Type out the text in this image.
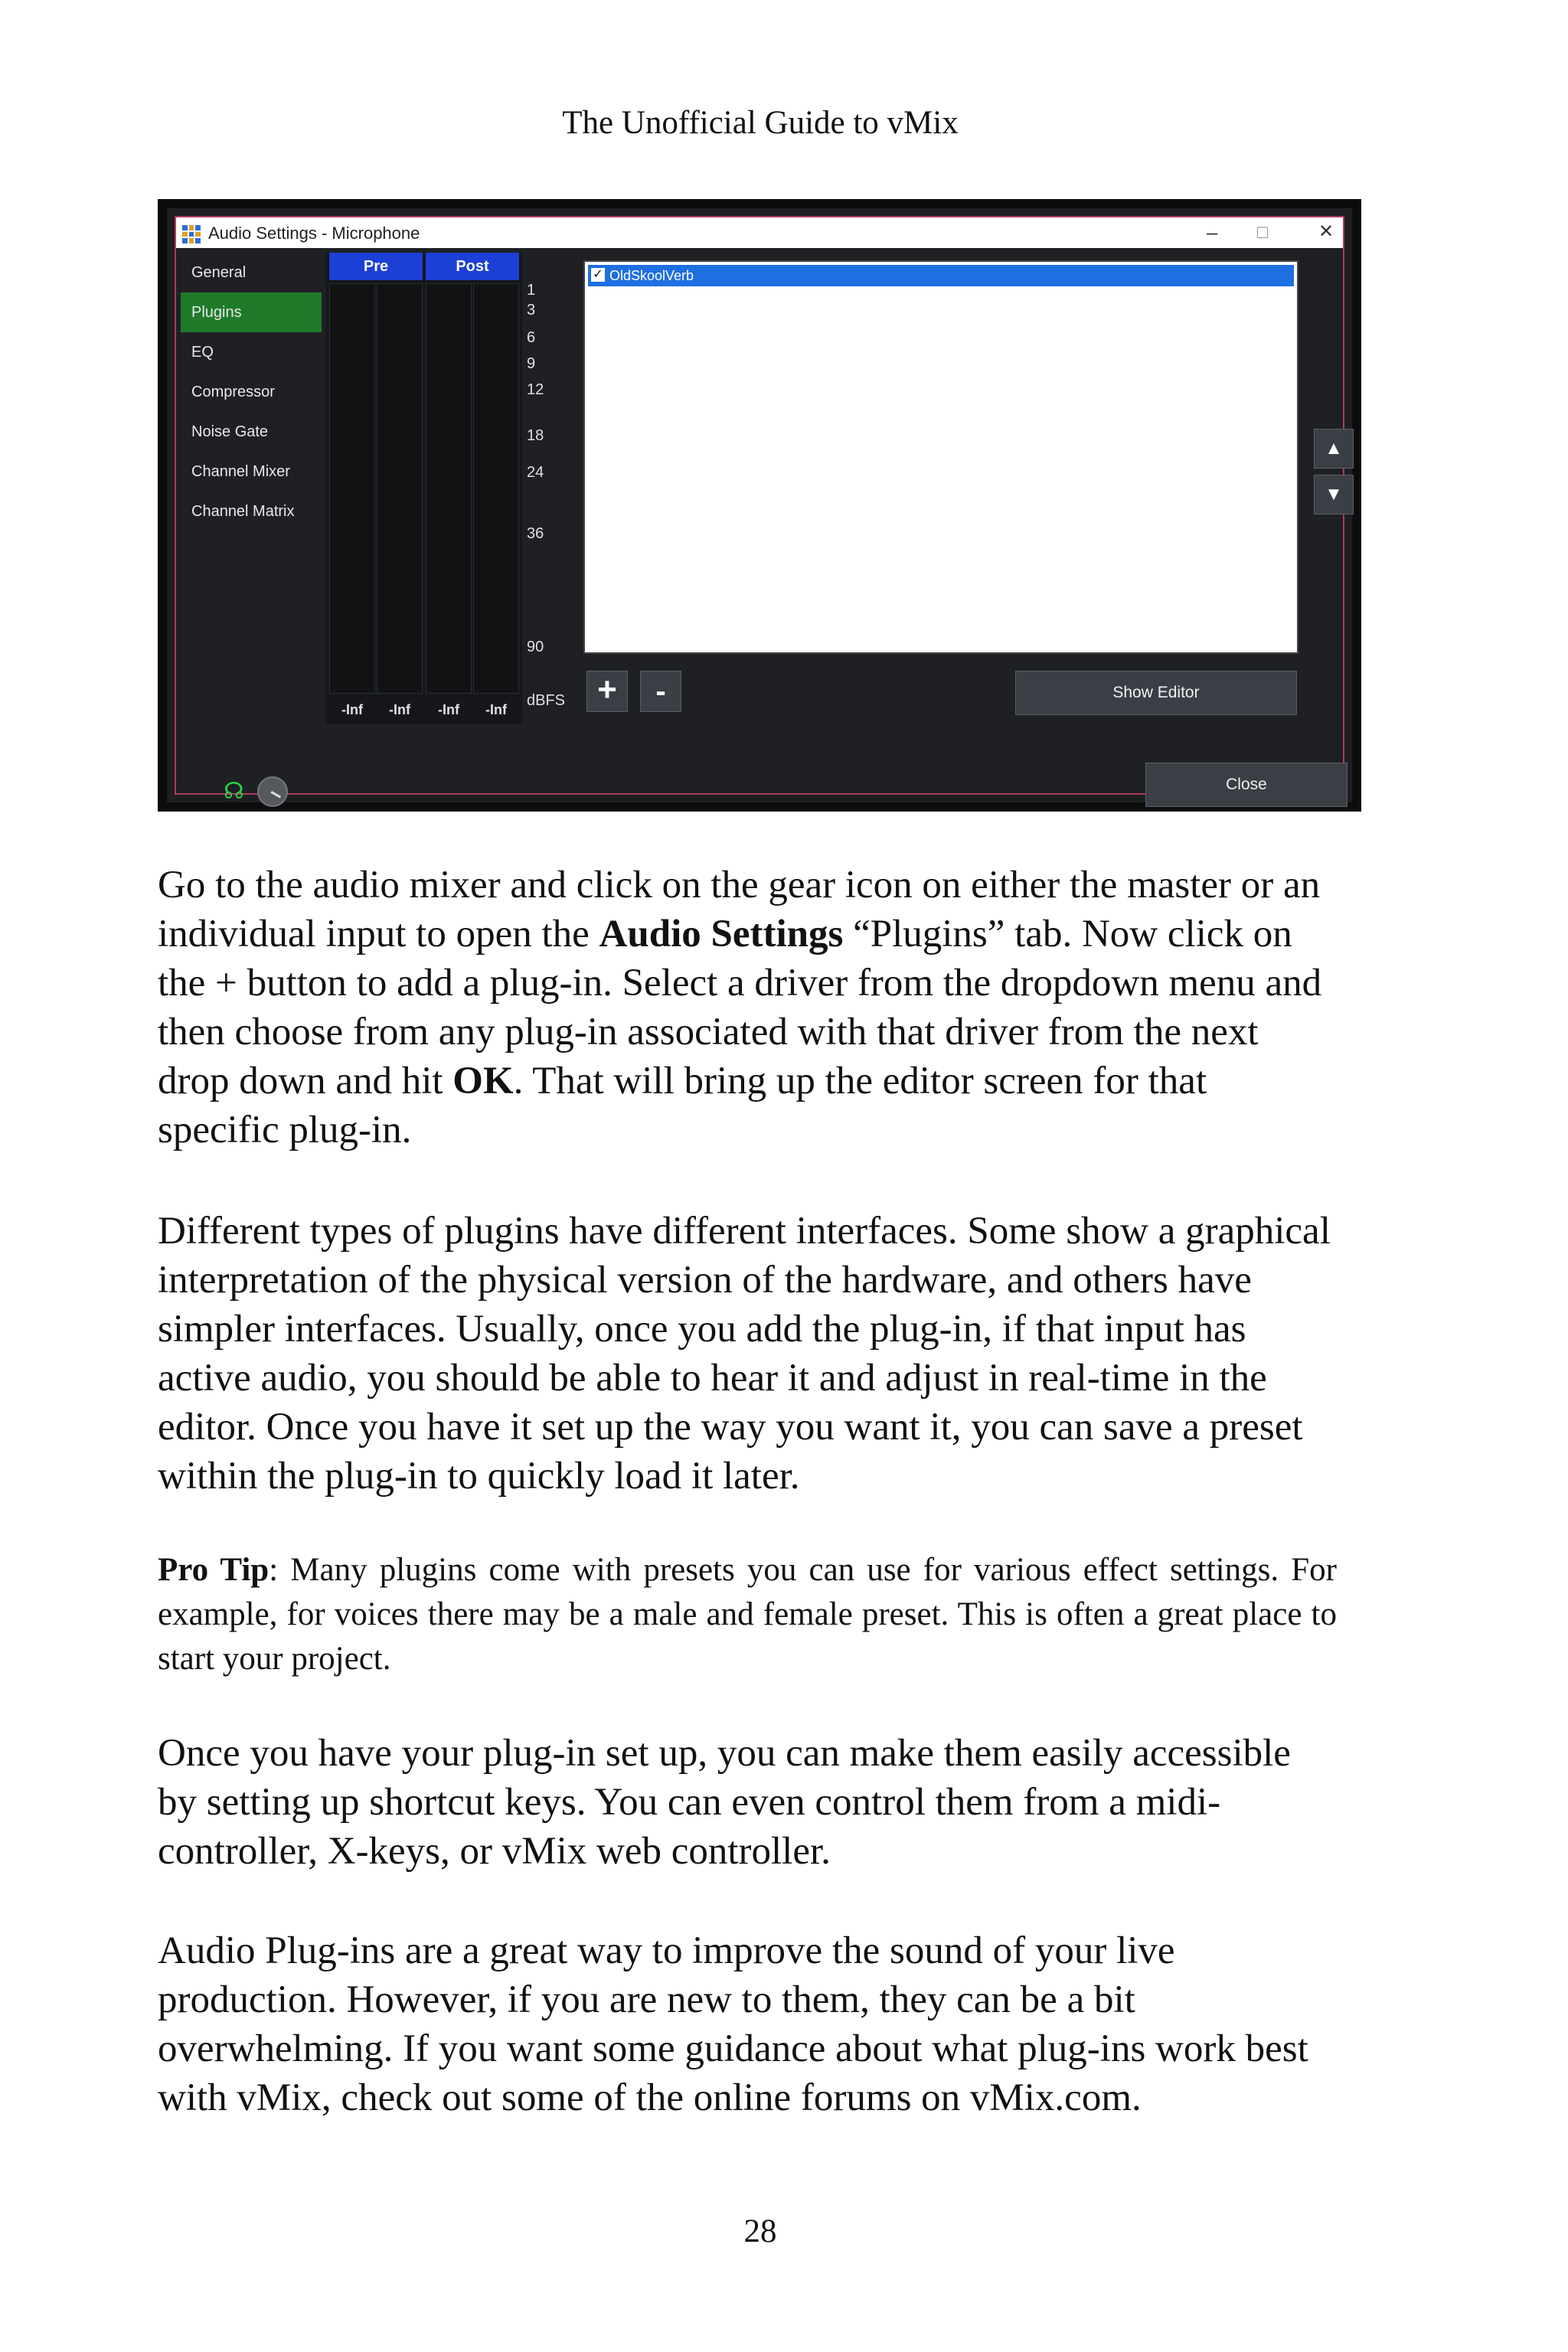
The Unofficial Guide to vMix
Audio Settings - Microphone	– ☐	✕
General
Plugins
EQ
Compressor
Noise Gate
Channel Mixer
Channel Matrix
Pre	Post
-Inf	-Inf	-Inf	-Inf
1
3
6
9
12
18
24
36
90
dBFS
✓ OldSkoolVerb
▲
▼
+	-	Show Editor
☊	Close

Go to the audio mixer and click on the gear icon on either the master or an individual input to open the Audio Settings “Plugins” tab. Now click on the + button to add a plug-in. Select a driver from the dropdown menu and then choose from any plug-in associated with that driver from the next drop down and hit OK. That will bring up the editor screen for that specific plug-in.

Different types of plugins have different interfaces. Some show a graphical interpretation of the physical version of the hardware, and others have simpler interfaces. Usually, once you add the plug-in, if that input has active audio, you should be able to hear it and adjust in real-time in the editor. Once you have it set up the way you want it, you can save a preset within the plug-in to quickly load it later.

Pro Tip: Many plugins come with presets you can use for various effect settings. For example, for voices there may be a male and female preset. This is often a great place to start your project.

Once you have your plug-in set up, you can make them easily accessible by setting up shortcut keys. You can even control them from a midi-controller, X-keys, or vMix web controller.

Audio Plug-ins are a great way to improve the sound of your live production. However, if you are new to them, they can be a bit overwhelming. If you want some guidance about what plug-ins work best with vMix, check out some of the online forums on vMix.com.

28
